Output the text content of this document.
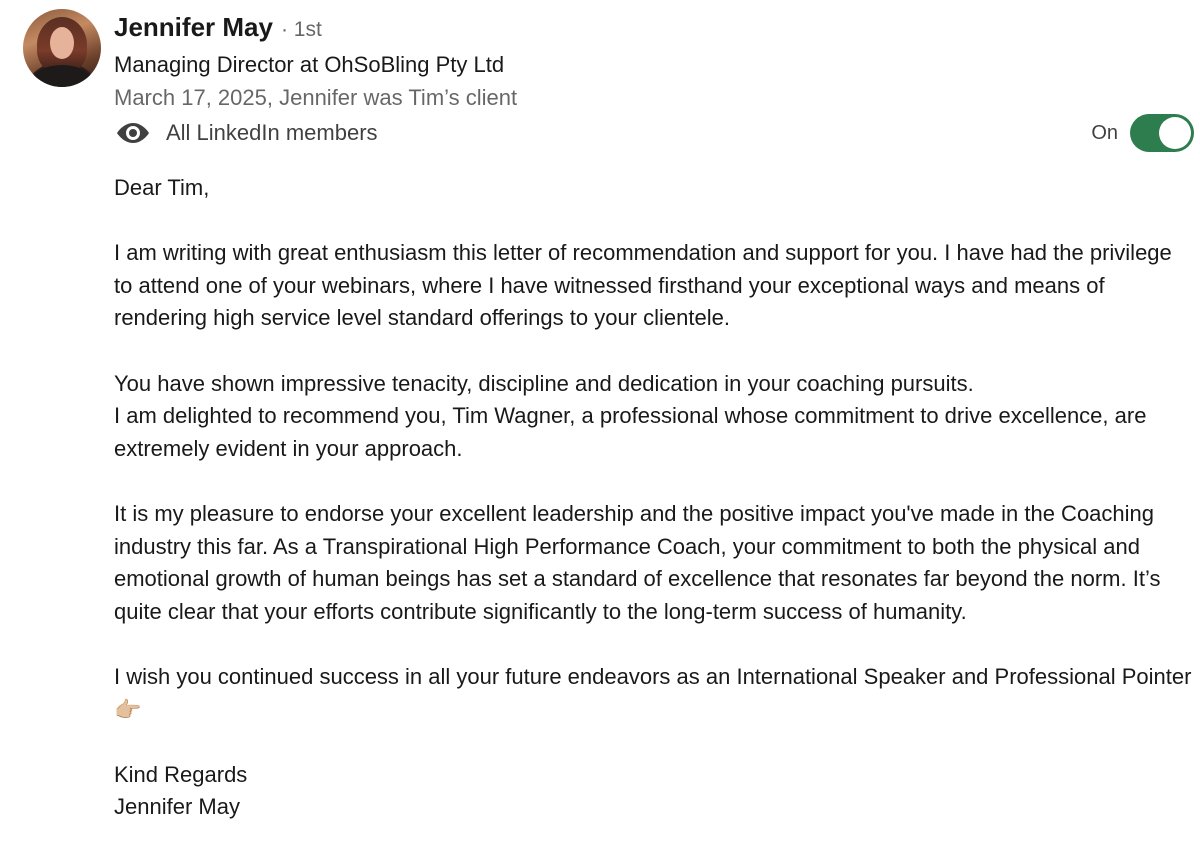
Jennifer May · 1st
Managing Director at OhSoBling Pty Ltd
March 17, 2025, Jennifer was Tim’s client
All LinkedIn members	On

Dear Tim,

I am writing with great enthusiasm this letter of recommendation and support for you. I have had the privilege to attend one of your webinars, where I have witnessed firsthand your exceptional ways and means of rendering high service level standard offerings to your clientele.

You have shown impressive tenacity, discipline and dedication in your coaching pursuits.
I am delighted to recommend you, Tim Wagner, a professional whose commitment to drive excellence, are extremely evident in your approach.

It is my pleasure to endorse your excellent leadership and the positive impact you've made in the Coaching industry this far. As a Transpirational High Performance Coach, your commitment to both the physical and emotional growth of human beings has set a standard of excellence that resonates far beyond the norm. It’s quite clear that your efforts contribute significantly to the long-term success of humanity.

I wish you continued success in all your future endeavors as an International Speaker and Professional Pointer👉🏼

Kind Regards
Jennifer May
